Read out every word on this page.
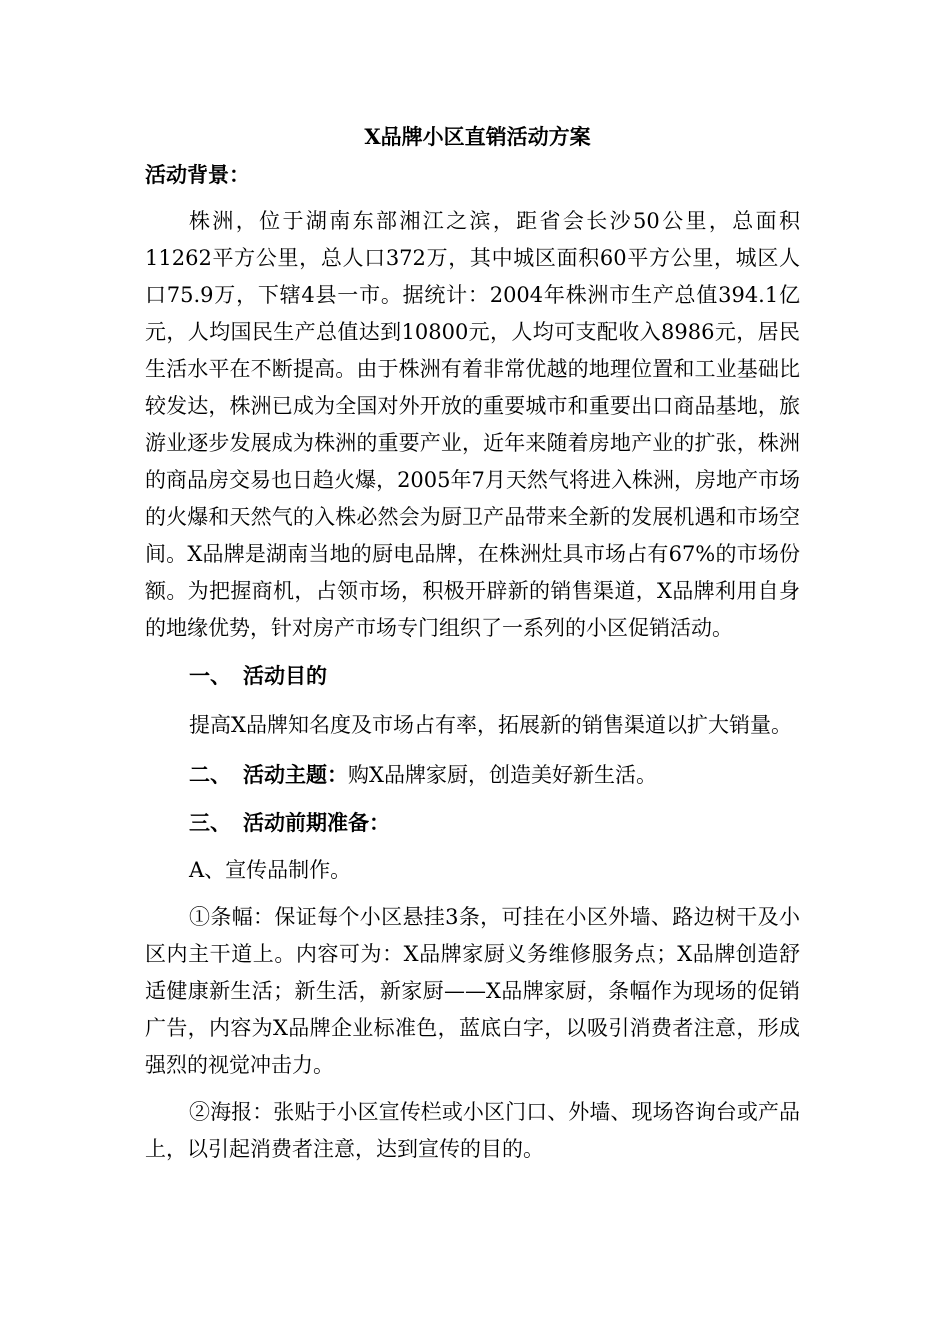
X品牌小区直销活动方案

活动背景：

株洲，位于湖南东部湘江之滨，距省会长沙50公里，总面积11262平方公里，总人口372万，其中城区面积60平方公里，城区人口75.9万，下辖4县一市。据统计：2004年株洲市生产总值394.1亿元，人均国民生产总值达到10800元，人均可支配收入8986元，居民生活水平在不断提高。由于株洲有着非常优越的地理位置和工业基础比较发达，株洲已成为全国对外开放的重要城市和重要出口商品基地，旅游业逐步发展成为株洲的重要产业，近年来随着房地产业的扩张，株洲的商品房交易也日趋火爆，2005年7月天然气将进入株洲，房地产市场的火爆和天然气的入株必然会为厨卫产品带来全新的发展机遇和市场空间。X品牌是湖南当地的厨电品牌，在株洲灶具市场占有67%的市场份额。为把握商机，占领市场，积极开辟新的销售渠道，X品牌利用自身的地缘优势，针对房产市场专门组织了一系列的小区促销活动。

一、 活动目的

提高X品牌知名度及市场占有率，拓展新的销售渠道以扩大销量。

二、 活动主题：购X品牌家厨，创造美好新生活。

三、 活动前期准备：

A、宣传品制作。

①条幅：保证每个小区悬挂3条，可挂在小区外墙、路边树干及小区内主干道上。内容可为：X品牌家厨义务维修服务点；X品牌创造舒适健康新生活；新生活，新家厨——X品牌家厨，条幅作为现场的促销广告，内容为X品牌企业标准色，蓝底白字，以吸引消费者注意，形成强烈的视觉冲击力。

②海报：张贴于小区宣传栏或小区门口、外墙、现场咨询台或产品上，以引起消费者注意，达到宣传的目的。
